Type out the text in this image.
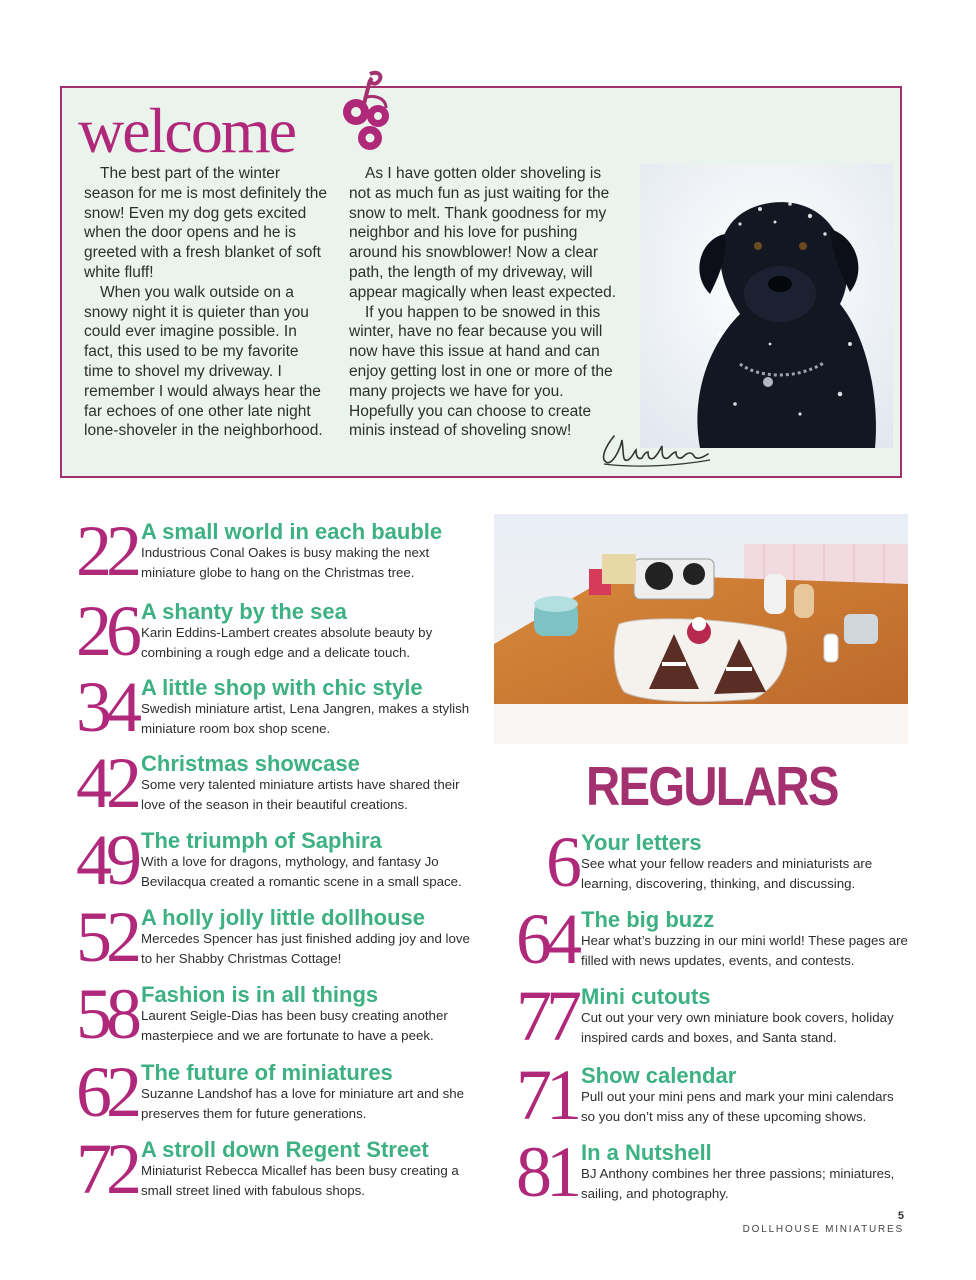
welcome

The best part of the winter season for me is most definitely the snow! Even my dog gets excited when the door opens and he is greeted with a fresh blanket of soft white fluff!

When you walk outside on a snowy night it is quieter than you could ever imagine possible. In fact, this used to be my favorite time to shovel my driveway. I remember I would always hear the far echoes of one other late night lone-shoveler in the neighborhood.

As I have gotten older shoveling is not as much fun as just waiting for the snow to melt. Thank goodness for my neighbor and his love for pushing around his snowblower! Now a clear path, the length of my driveway, will appear magically when least expected.

If you happen to be snowed in this winter, have no fear because you will now have this issue at hand and can enjoy getting lost in one or more of the many projects we have for you. Hopefully you can choose to create minis instead of shoveling snow!

22 A small world in each bauble

Industrious Conal Oakes is busy making the next miniature globe to hang on the Christmas tree.

26 A shanty by the sea

Karin Eddins-Lambert creates absolute beauty by combining a rough edge and a delicate touch.

34 A little shop with chic style

Swedish miniature artist, Lena Jangren, makes a stylish miniature room box shop scene.

42 Christmas showcase

Some very talented miniature artists have shared their love of the season in their beautiful creations.

49 The triumph of Saphira

With a love for dragons, mythology, and fantasy Jo Bevilacqua created a romantic scene in a small space.

52 A holly jolly little dollhouse

Mercedes Spencer has just finished adding joy and love to her Shabby Christmas Cottage!

58 Fashion is in all things

Laurent Seigle-Dias has been busy creating another masterpiece and we are fortunate to have a peek.

62 The future of miniatures

Suzanne Landshof has a love for miniature art and she preserves them for future generations.

72 A stroll down Regent Street

Miniaturist Rebecca Micallef has been busy creating a small street lined with fabulous shops.

REGULARS
6 Your letters

See what your fellow readers and miniaturists are learning, discovering, thinking, and discussing.

64 The big buzz

Hear what’s buzzing in our mini world! These pages are filled with news updates, events, and contests.

77 Mini cutouts

Cut out your very own miniature book covers, holiday inspired cards and boxes, and Santa stand.

71 Show calendar

Pull out your mini pens and mark your mini calendars so you don’t miss any of these upcoming shows.

81 In a Nutshell

BJ Anthony combines her three passions; miniatures, sailing, and photography.

5
DOLLHOUSE MINIATURES
